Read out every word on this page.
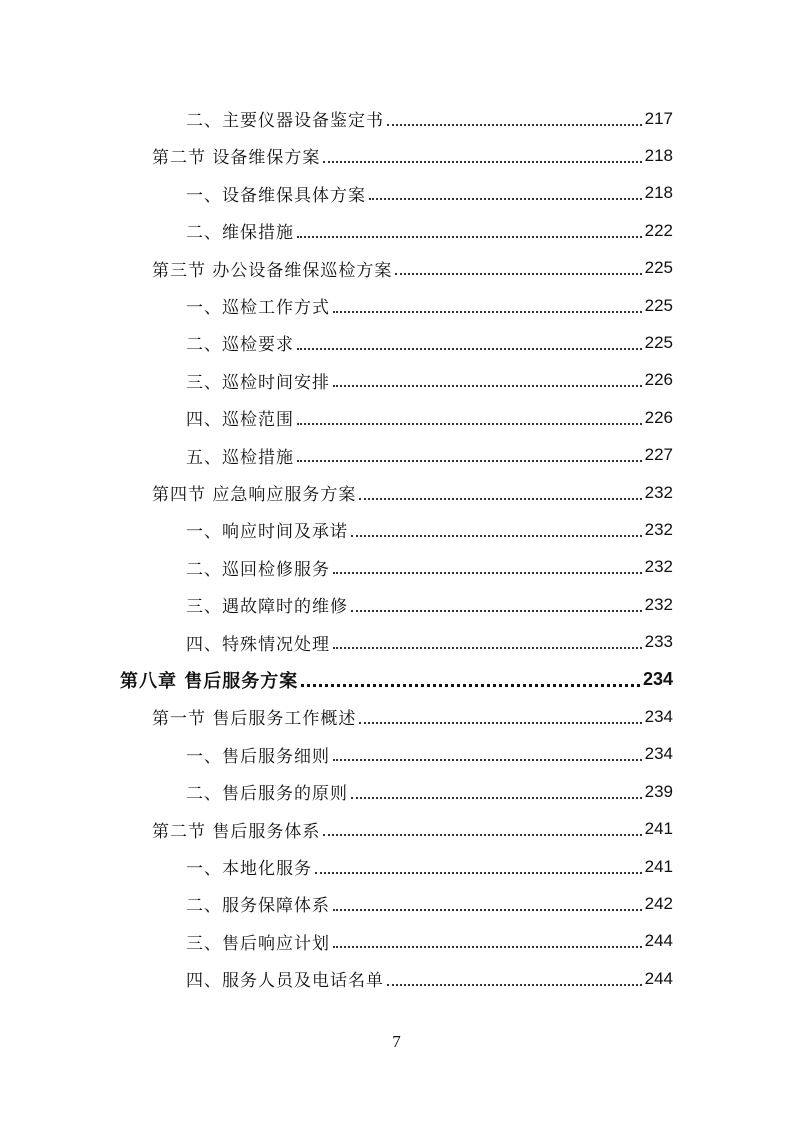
二、主要仪器设备鉴定书	217
第二节 设备维保方案	218
一、设备维保具体方案	218
二、维保措施	222
第三节 办公设备维保巡检方案	225
一、巡检工作方式	225
二、巡检要求	225
三、巡检时间安排	226
四、巡检范围	226
五、巡检措施	227
第四节 应急响应服务方案	232
一、响应时间及承诺	232
二、巡回检修服务	232
三、遇故障时的维修	232
四、特殊情况处理	233
第八章 售后服务方案	234
第一节 售后服务工作概述	234
一、售后服务细则	234
二、售后服务的原则	239
第二节 售后服务体系	241
一、本地化服务	241
二、服务保障体系	242
三、售后响应计划	244
四、服务人员及电话名单	244
7
